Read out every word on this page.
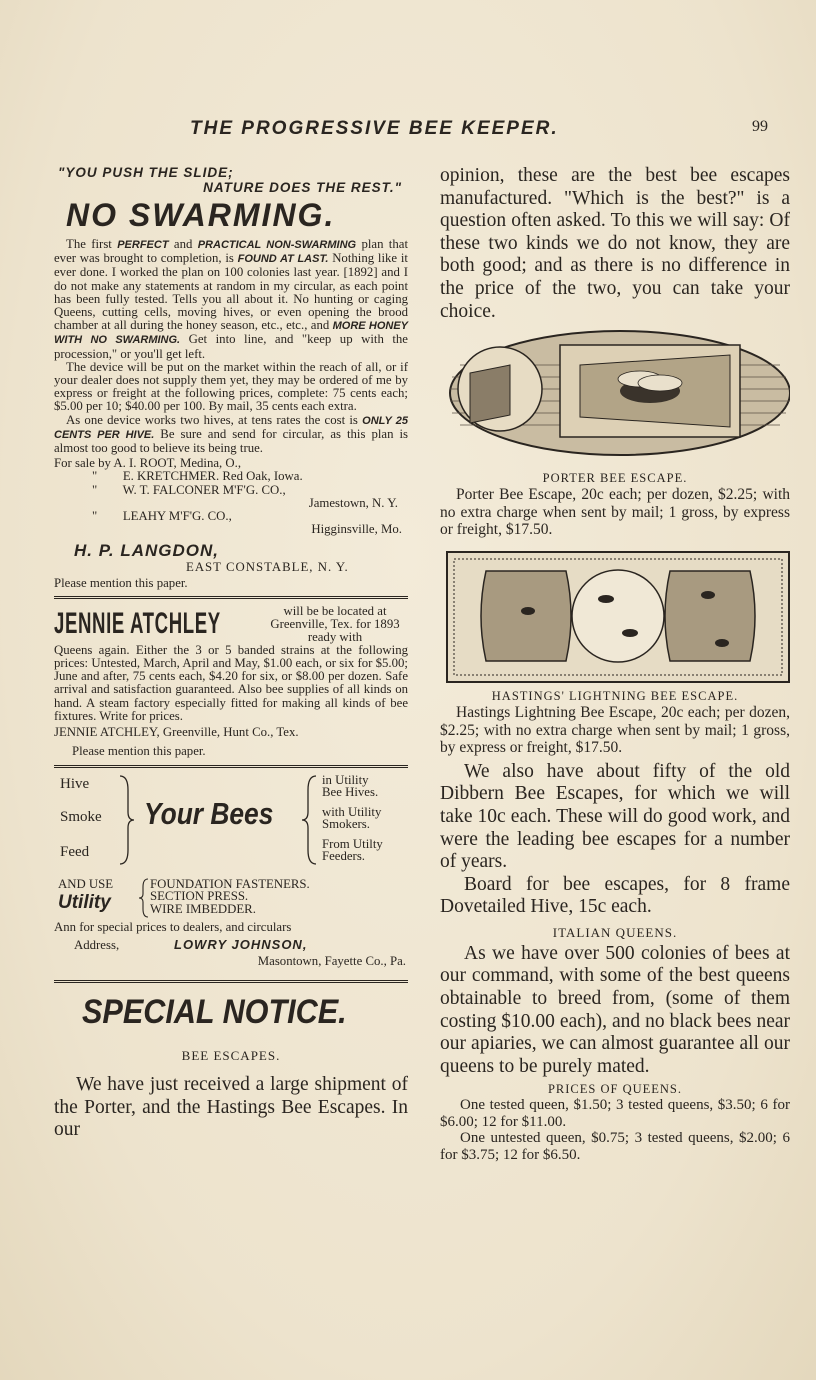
THE PROGRESSIVE BEE KEEPER.	99
"YOU PUSH THE SLIDE;
NATURE DOES THE REST."
NO SWARMING.

The first PERFECT and PRACTICAL NON-SWARMING plan that ever was brought to completion, is FOUND AT LAST. Nothing like it ever done. I worked the plan on 100 colonies last year. [1892] and I do not make any statements at random in my circular, as each point has been fully tested. Tells you all about it. No hunting or caging Queens, cutting cells, moving hives, or even opening the brood chamber at all during the honey season, etc., etc., and MORE HONEY WITH NO SWARMING. Get into line, and "keep up with the procession," or you'll get left.

The device will be put on the market within the reach of all, or if your dealer does not supply them yet, they may be ordered of me by express or freight at the following prices, complete: 75 cents each; $5.00 per 10; $40.00 per 100. By mail, 35 cents each extra.

As one device works two hives, at tens rates the cost is ONLY 25 CENTS PER HIVE. Be sure and send for circular, as this plan is almost too good to believe its being true.

For sale by A. I. ROOT, Medina, O.,
"        E. KRETCHMER. Red Oak, Iowa.
"        W. T. FALCONER M'F'G. CO.,
Jamestown, N. Y.
"        LEAHY M'F'G. CO.,
Higginsville, Mo.
H. P. LANGDON,
EAST CONSTABLE, N. Y.
Please mention this paper.
JENNIE ATCHLEY	will be be located at Greenville, Tex. for 1893 ready with

Queens again. Either the 3 or 5 banded strains at the following prices: Untested, March, April and May, $1.00 each, or six for $5.00; June and after, 75 cents each, $4.20 for six, or $8.00 per dozen. Safe arrival and satisfaction guaranteed. Also bee supplies of all kinds on hand. A steam factory especially fitted for making all kinds of bee fixtures. Write for prices.

JENNIE ATCHLEY, Greenville, Hunt Co., Tex.
Please mention this paper.
Hive
Smoke
Feed
Your Bees
in Utility
Bee Hives.
with Utility
Smokers.
From Utilty
Feeders.
AND USE
Utility
FOUNDATION FASTENERS.
SECTION PRESS.
WIRE IMBEDDER.
Ann for special prices to dealers, and circulars
Address,	LOWRY JOHNSON,
Masontown, Fayette Co., Pa.
SPECIAL NOTICE.
BEE ESCAPES.

We have just received a large shipment of the Porter, and the Hastings Bee Escapes. In our

opinion, these are the best bee escapes manufactured. "Which is the best?" is a question often asked. To this we will say: Of these two kinds we do not know, they are both good; and as there is no difference in the price of the two, you can take your choice.

PORTER BEE ESCAPE.

Porter Bee Escape, 20c each; per dozen, $2.25; with no extra charge when sent by mail; 1 gross, by express or freight, $17.50.

HASTINGS' LIGHTNING BEE ESCAPE.

Hastings Lightning Bee Escape, 20c each; per dozen, $2.25; with no extra charge when sent by mail; 1 gross, by express or freight, $17.50.

We also have about fifty of the old Dibbern Bee Escapes, for which we will take 10c each. These will do good work, and were the leading bee escapes for a number of years.

Board for bee escapes, for 8 frame Dovetailed Hive, 15c each.

ITALIAN QUEENS.

As we have over 500 colonies of bees at our command, with some of the best queens obtainable to breed from, (some of them costing $10.00 each), and no black bees near our apiaries, we can almost guarantee all our queens to be purely mated.

PRICES OF QUEENS.

One tested queen, $1.50; 3 tested queens, $3.50; 6 for $6.00; 12 for $11.00.

One untested queen, $0.75; 3 tested queens, $2.00; 6 for $3.75; 12 for $6.50.
